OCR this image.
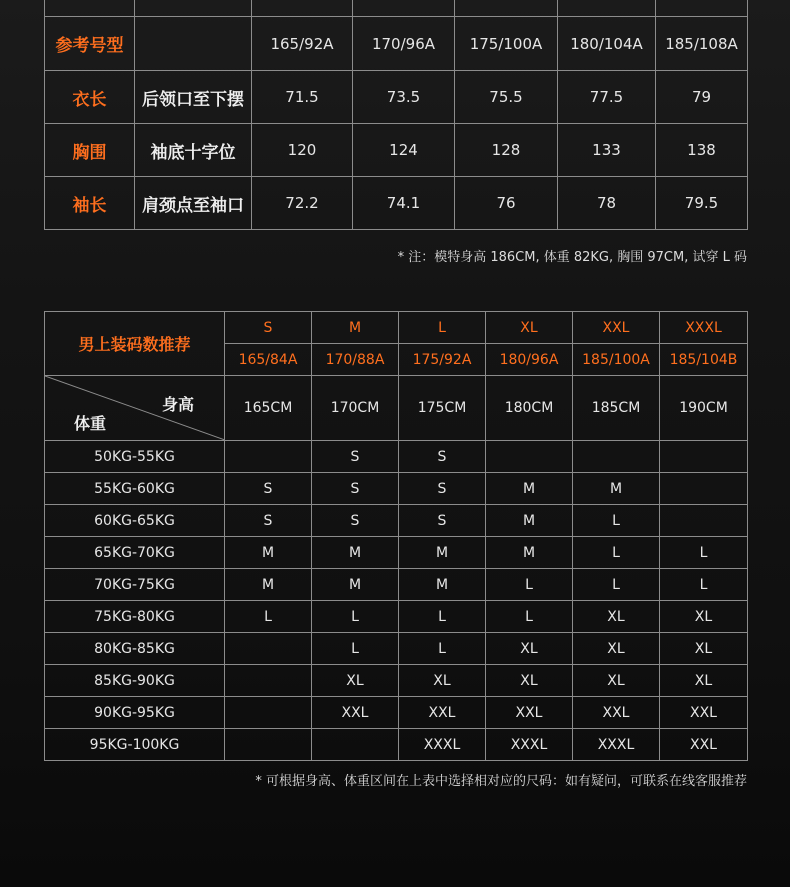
参考号型		165/92A	170/96A	175/100A	180/104A	185/108A
衣长	后领口至下摆	71.5	73.5	75.5	77.5	79
胸围	袖底十字位	120	124	128	133	138
袖长	肩颈点至袖口	72.2	74.1	76	78	79.5
* 注：模特身高 186CM, 体重 82KG, 胸围 97CM, 试穿 L 码
男上装码数推荐	S	M	L	XL	XXL	XXXL
	165/84A	170/88A	175/92A	180/96A	185/100A	185/104B

身高
体重	165CM	170CM	175CM	180CM	185CM	190CM
50KG-55KG		S	S			
55KG-60KG	S	S	S	M	M	
60KG-65KG	S	S	S	M	L	
65KG-70KG	M	M	M	M	L	L
70KG-75KG	M	M	M	L	L	L
75KG-80KG	L	L	L	L	XL	XL
80KG-85KG		L	L	XL	XL	XL
85KG-90KG		XL	XL	XL	XL	XL
90KG-95KG		XXL	XXL	XXL	XXL	XXL
95KG-100KG			XXXL	XXXL	XXXL	XXL
* 可根据身高、体重区间在上表中选择相对应的尺码：如有疑问，可联系在线客服推荐
